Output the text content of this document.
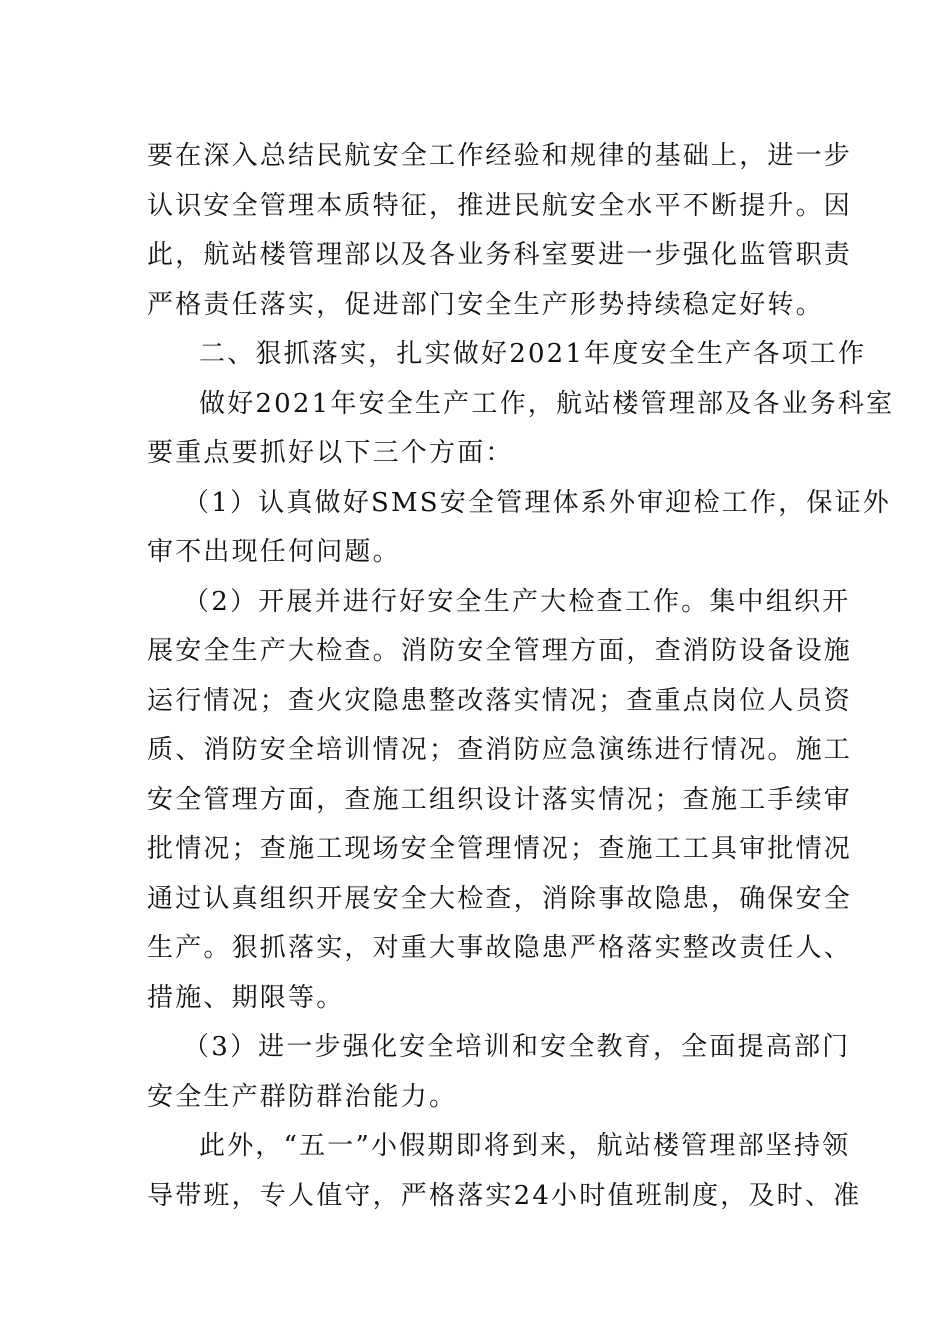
要在深入总结民航安全工作经验和规律的基础上，进一步
认识安全管理本质特征，推进民航安全水平不断提升。因
此，航站楼管理部以及各业务科室要进一步强化监管职责
严格责任落实，促进部门安全生产形势持续稳定好转。
二、狠抓落实，扎实做好2021年度安全生产各项工作
做好2021年安全生产工作，航站楼管理部及各业务科室
要重点要抓好以下三个方面：
（1）认真做好SMS安全管理体系外审迎检工作，保证外
审不出现任何问题。
（2）开展并进行好安全生产大检查工作。集中组织开
展安全生产大检查。消防安全管理方面，查消防设备设施
运行情况；查火灾隐患整改落实情况；查重点岗位人员资
质、消防安全培训情况；查消防应急演练进行情况。施工
安全管理方面，查施工组织设计落实情况；查施工手续审
批情况；查施工现场安全管理情况；查施工工具审批情况
通过认真组织开展安全大检查，消除事故隐患，确保安全
生产。狠抓落实，对重大事故隐患严格落实整改责任人、
措施、期限等。
（3）进一步强化安全培训和安全教育，全面提高部门
安全生产群防群治能力。
此外，“五一”小假期即将到来，航站楼管理部坚持领
导带班，专人值守，严格落实24小时值班制度，及时、准
